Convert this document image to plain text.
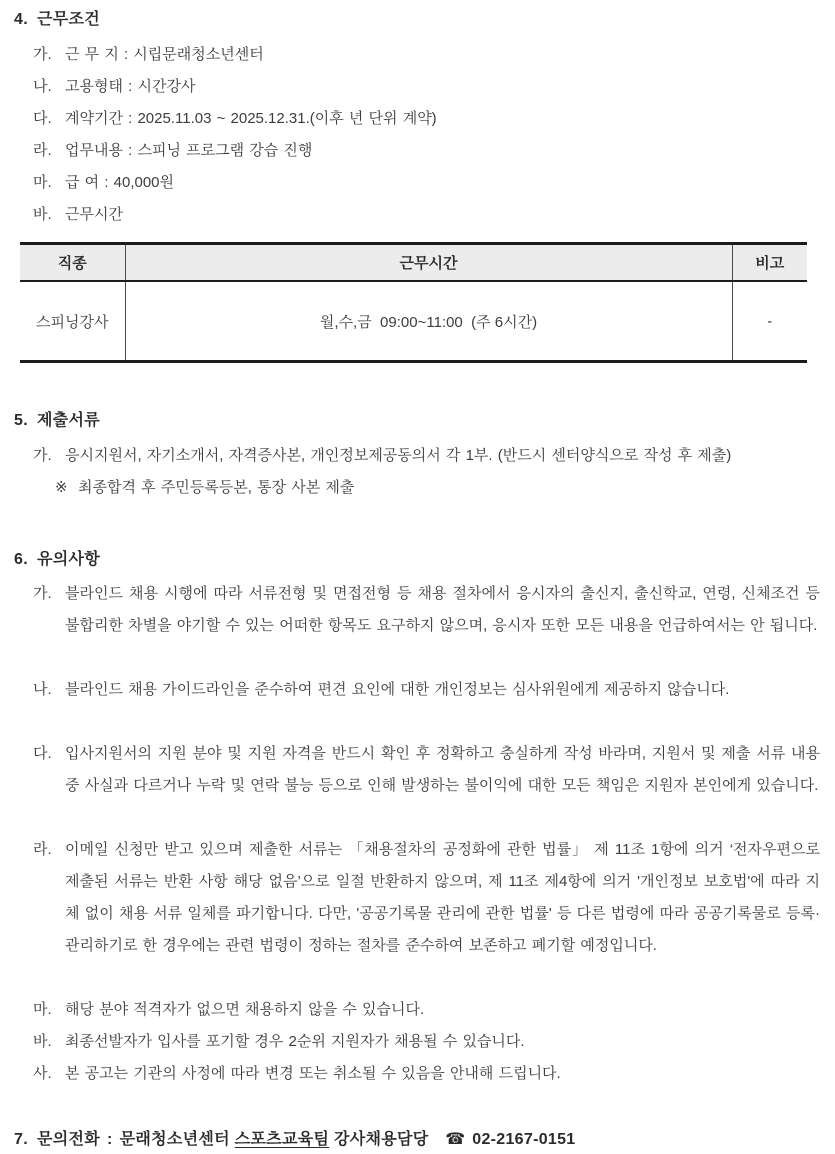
4. 근무조건
가. 근 무 지 : 시립문래청소년센터
나. 고용형태 : 시간강사
다. 계약기간 : 2025.11.03 ~ 2025.12.31.(이후 년 단위 계약)
라. 업무내용 : 스피닝 프로그램 강습 진행
마. 급 여 : 40,000원
바. 근무시간
직종	근무시간	비고
스피닝강사	월,수,금  09:00~11:00  (주 6시간)	-
5. 제출서류
가. 응시지원서, 자기소개서, 자격증사본, 개인정보제공동의서 각 1부. (반드시 센터양식으로 작성 후 제출)
※ 최종합격 후 주민등록등본, 통장 사본 제출
6. 유의사항
가. 블라인드 채용 시행에 따라 서류전형 및 면접전형 등 채용 절차에서 응시자의 출신지, 출신학교, 연령, 신체조건 등 불합리한 차별을 야기할 수 있는 어떠한 항목도 요구하지 않으며, 응시자 또한 모든 내용을 언급하여서는 안 됩니다.
나. 블라인드 채용 가이드라인을 준수하여 편견 요인에 대한 개인정보는 심사위원에게 제공하지 않습니다.
다. 입사지원서의 지원 분야 및 지원 자격을 반드시 확인 후 정확하고 충실하게 작성 바라며, 지원서 및 제출 서류 내용 중 사실과 다르거나 누락 및 연락 불능 등으로 인해 발생하는 불이익에 대한 모든 책임은 지원자 본인에게 있습니다.
라. 이메일 신청만 받고 있으며 제출한 서류는 「채용절차의 공정화에 관한 법률」 제 11조 1항에 의거 ‘전자우편으로 제출된 서류는 반환 사항 해당 없음’으로 일절 반환하지 않으며, 제 11조 제4항에 의거 '개인정보 보호법'에 따라 지체 없이 채용 서류 일체를 파기합니다. 다만, '공공기록물 관리에 관한 법률' 등 다른 법령에 따라 공공기록물로 등록·관리하기로 한 경우에는 관련 법령이 정하는 절차를 준수하여 보존하고 폐기할 예정입니다.
마. 해당 분야 적격자가 없으면 채용하지 않을 수 있습니다.
바. 최종선발자가 입사를 포기할 경우 2순위 지원자가 채용될 수 있습니다.
사. 본 공고는 기관의 사정에 따라 변경 또는 취소될 수 있음을 안내해 드립니다.
7. 문의전화 : 문래청소년센터 스포츠교육팀 강사채용담당 ☎ 02-2167-0151
